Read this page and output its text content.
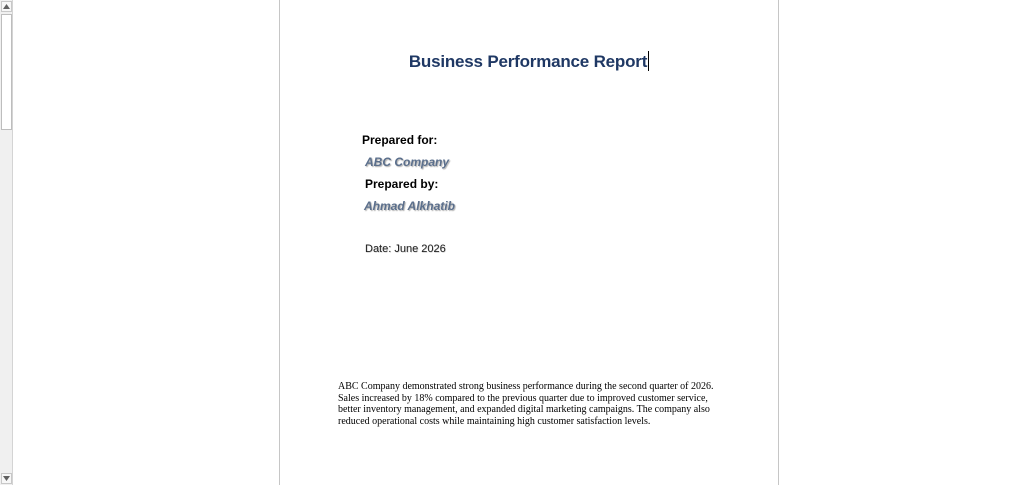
Business Performance Report
Prepared for:
ABC Company
Prepared by:
Ahmad Alkhatib
Date: June 2026
ABC Company demonstrated strong business performance during the second quarter of 2026.
Sales increased by 18% compared to the previous quarter due to improved customer service,
better inventory management, and expanded digital marketing campaigns. The company also
reduced operational costs while maintaining high customer satisfaction levels.
